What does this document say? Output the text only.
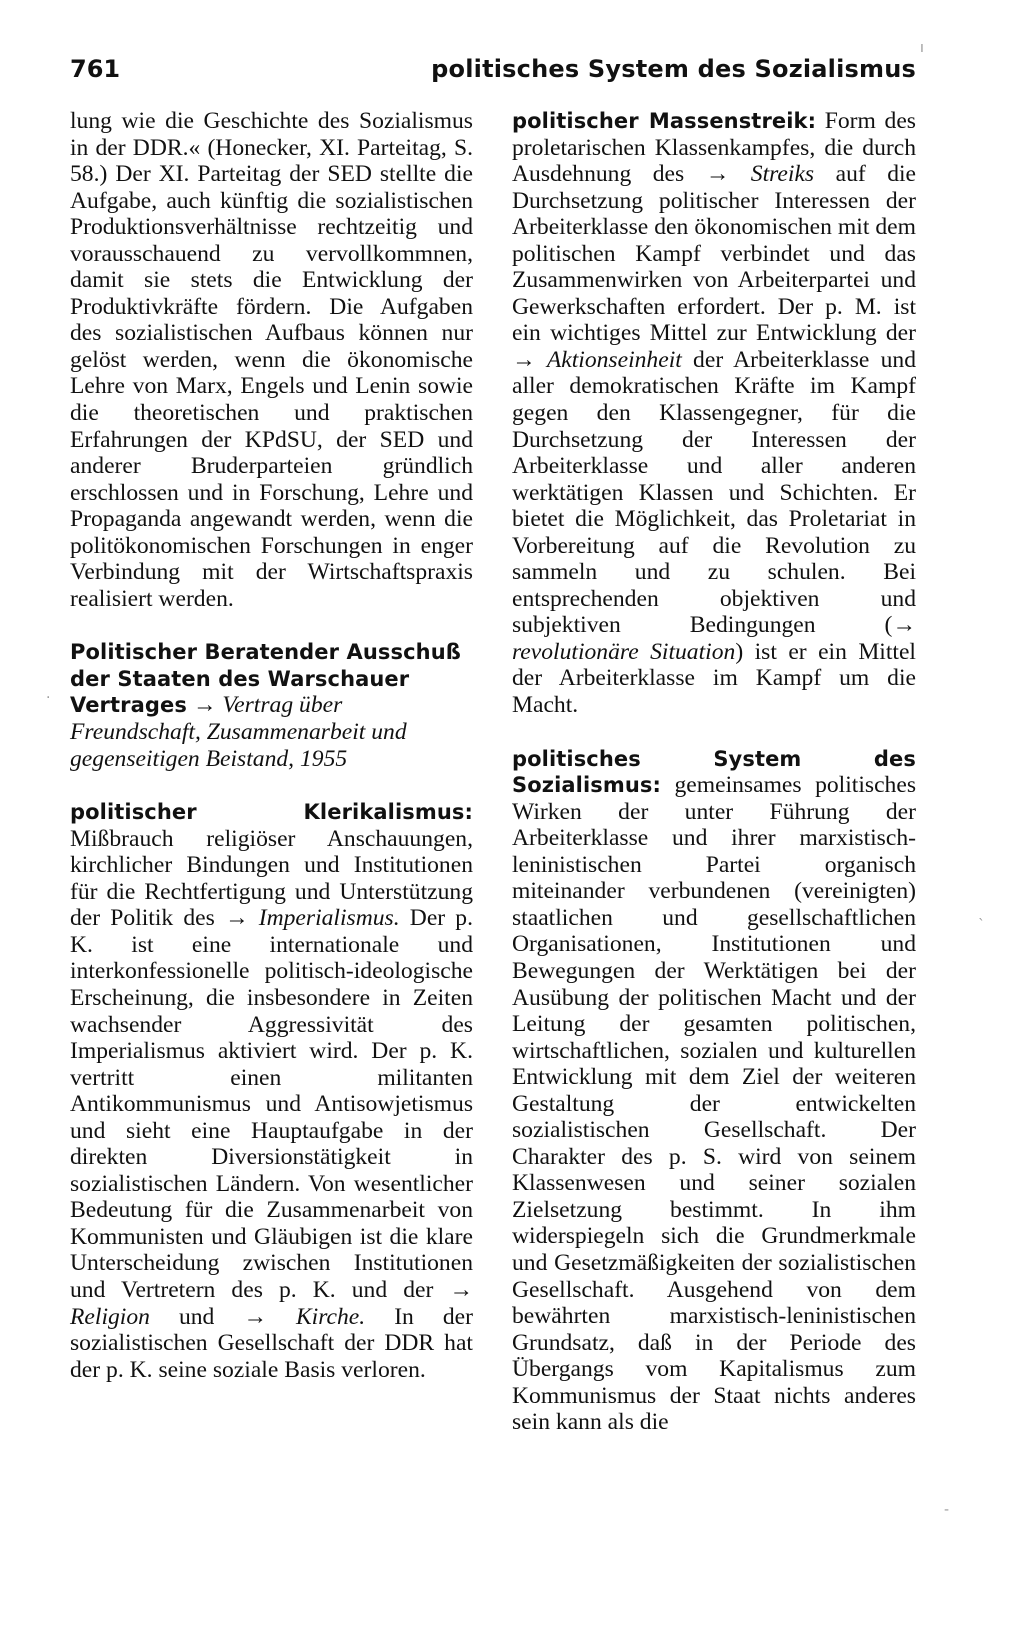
761	politisches System des Sozialismus

lung wie die Geschichte des Sozialismus in der DDR.« (Honecker, XI. Parteitag, S. 58.) Der XI. Parteitag der SED stellte die Aufgabe, auch künftig die sozialistischen Produktionsverhältnisse rechtzeitig und vorausschauend zu vervollkommnen, damit sie stets die Entwicklung der Produktivkräfte fördern. Die Aufgaben des sozialistischen Aufbaus können nur gelöst werden, wenn die ökonomische Lehre von Marx, Engels und Lenin sowie die theoretischen und praktischen Erfahrungen der KPdSU, der SED und anderer Bruderparteien gründlich erschlossen und in Forschung, Lehre und Propaganda angewandt werden, wenn die politökonomischen Forschungen in enger Verbindung mit der Wirtschaftspraxis realisiert werden.

Politischer Beratender Ausschuß der Staaten des Warschauer Vertrages → Vertrag über Freundschaft, Zusammenarbeit und gegenseitigen Beistand, 1955

politischer Klerikalismus: Mißbrauch religiöser Anschauungen, kirchlicher Bindungen und Institutionen für die Rechtfertigung und Unterstützung der Politik des → Imperialismus. Der p. K. ist eine internationale und interkonfessionelle politisch-ideologische Erscheinung, die insbesondere in Zeiten wachsender Aggressivität des Imperialismus aktiviert wird. Der p. K. vertritt einen militanten Antikommunismus und Antisowjetismus und sieht eine Hauptaufgabe in der direkten Diversionstätigkeit in sozialistischen Ländern. Von wesentlicher Bedeutung für die Zusammenarbeit von Kommunisten und Gläubigen ist die klare Unterscheidung zwischen Institutionen und Vertretern des p. K. und der → Religion und → Kirche. In der sozialistischen Gesellschaft der DDR hat der p. K. seine soziale Basis verloren.

politischer Massenstreik: Form des proletarischen Klassenkampfes, die durch Ausdehnung des → Streiks auf die Durchsetzung politischer Interessen der Arbeiterklasse den ökonomischen mit dem politischen Kampf verbindet und das Zusammenwirken von Arbeiterpartei und Gewerkschaften erfordert. Der p. M. ist ein wichtiges Mittel zur Entwicklung der → Aktionseinheit der Arbeiterklasse und aller demokratischen Kräfte im Kampf gegen den Klassengegner, für die Durchsetzung der Interessen der Arbeiterklasse und aller anderen werktätigen Klassen und Schichten. Er bietet die Möglichkeit, das Proletariat in Vorbereitung auf die Revolution zu sammeln und zu schulen. Bei entsprechenden objektiven und subjektiven Bedingungen (→ revolutionäre Situation) ist er ein Mittel der Arbeiterklasse im Kampf um die Macht.

politisches System des Sozialismus: gemeinsames politisches Wirken der unter Führung der Arbeiterklasse und ihrer marxistisch-leninistischen Partei organisch miteinander verbundenen (vereinigten) staatlichen und gesellschaftlichen Organisationen, Institutionen und Bewegungen der Werktätigen bei der Ausübung der politischen Macht und der Leitung der gesamten politischen, wirtschaftlichen, sozialen und kulturellen Entwicklung mit dem Ziel der weiteren Gestaltung der entwickelten sozialistischen Gesellschaft. Der Charakter des p. S. wird von seinem Klassenwesen und seiner sozialen Zielsetzung bestimmt. In ihm widerspiegeln sich die Grundmerkmale und Gesetzmäßigkeiten der sozialistischen Gesellschaft. Ausgehend von dem bewährten marxistisch-leninistischen Grundsatz, daß in der Periode des Übergangs vom Kapitalismus zum Kommunismus der Staat nichts anderes sein kann als die

ı
ˎ
·
-
